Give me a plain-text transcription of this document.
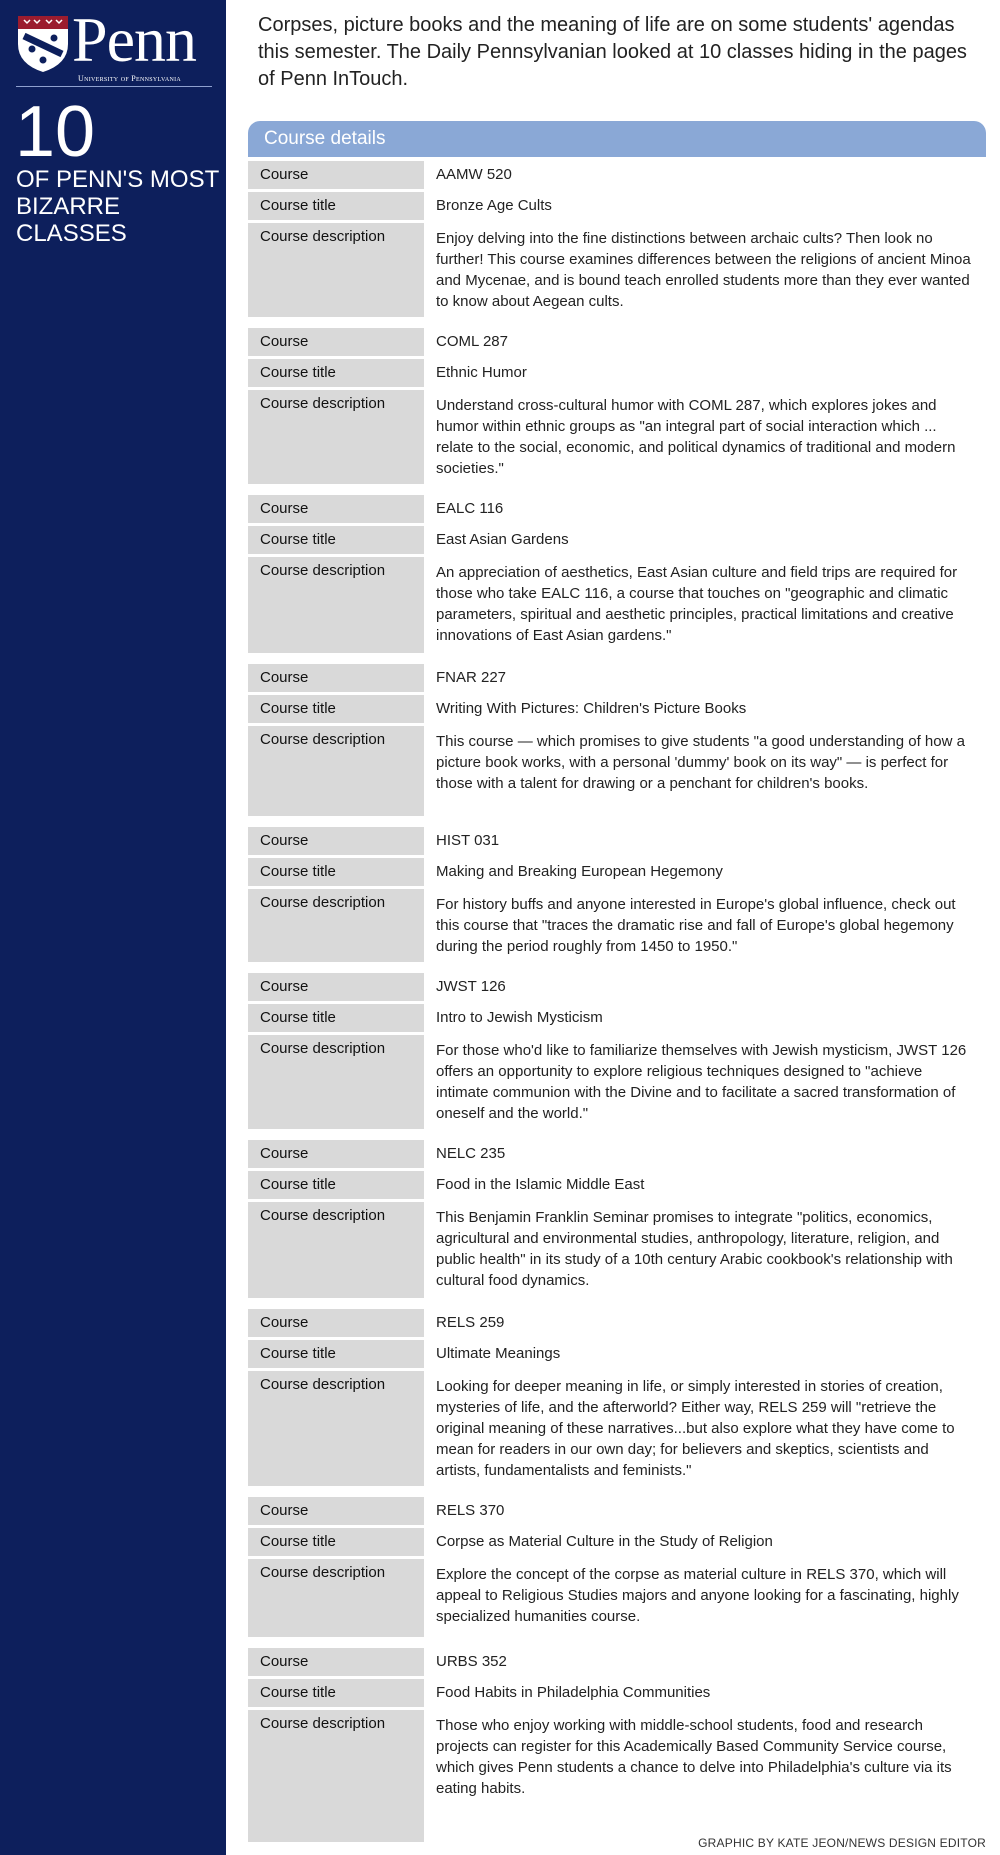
Penn
University of Pennsylvania
10
OF PENN'S MOST BIZARRE CLASSES

Corpses, picture books and the meaning of life are on some students' agendas this semester. The Daily Pennsylvanian looked at 10 classes hiding in the pages of Penn InTouch.

Course details
Course	AAMW 520
Course title	Bronze Age Cults
Course description	Enjoy delving into the fine distinctions between archaic cults? Then look no further! This course examines differences between the religions of ancient Minoa and Mycenae, and is bound teach enrolled students more than they ever wanted to know about Aegean cults.
Course	COML 287
Course title	Ethnic Humor
Course description	Understand cross-cultural humor with COML 287, which explores jokes and humor within ethnic groups as "an integral part of social interaction which ... relate to the social, economic, and political dynamics of traditional and modern societies."
Course	EALC 116
Course title	East Asian Gardens
Course description	An appreciation of aesthetics, East Asian culture and field trips are required for those who take EALC 116, a course that touches on "geographic and climatic parameters, spiritual and aesthetic principles, practical limitations and creative innovations of East Asian gardens."
Course	FNAR 227
Course title	Writing With Pictures: Children's Picture Books
Course description	This course — which promises to give students "a good understanding of how a picture book works, with a personal 'dummy' book on its way" — is perfect for those with a talent for drawing or a penchant for children's books.
Course	HIST 031
Course title	Making and Breaking European Hegemony
Course description	For history buffs and anyone interested in Europe's global influence, check out this course that "traces the dramatic rise and fall of Europe's global hegemony during the period roughly from 1450 to 1950."
Course	JWST 126
Course title	Intro to Jewish Mysticism
Course description	For those who'd like to familiarize themselves with Jewish mysticism, JWST 126 offers an opportunity to explore religious techniques designed to "achieve intimate communion with the Divine and to facilitate a sacred transformation of oneself and the world."
Course	NELC 235
Course title	Food in the Islamic Middle East
Course description	This Benjamin Franklin Seminar promises to integrate "politics, economics, agricultural and environmental studies, anthropology, literature, religion, and public health" in its study of a 10th century Arabic cookbook's relationship with cultural food dynamics.
Course	RELS 259
Course title	Ultimate Meanings
Course description	Looking for deeper meaning in life, or simply interested in stories of creation, mysteries of life, and the afterworld? Either way, RELS 259 will "retrieve the original meaning of these narratives...but also explore what they have come to mean for readers in our own day; for believers and skeptics, scientists and artists, fundamentalists and feminists."
Course	RELS 370
Course title	Corpse as Material Culture in the Study of Religion
Course description	Explore the concept of the corpse as material culture in RELS 370, which will appeal to Religious Studies majors and anyone looking for a fascinating, highly specialized humanities course.
Course	URBS 352
Course title	Food Habits in Philadelphia Communities
Course description	Those who enjoy working with middle-school students, food and research projects can register for this Academically Based Community Service course, which gives Penn students a chance to delve into Philadelphia's culture via its eating habits.
GRAPHIC BY KATE JEON/NEWS DESIGN EDITOR
